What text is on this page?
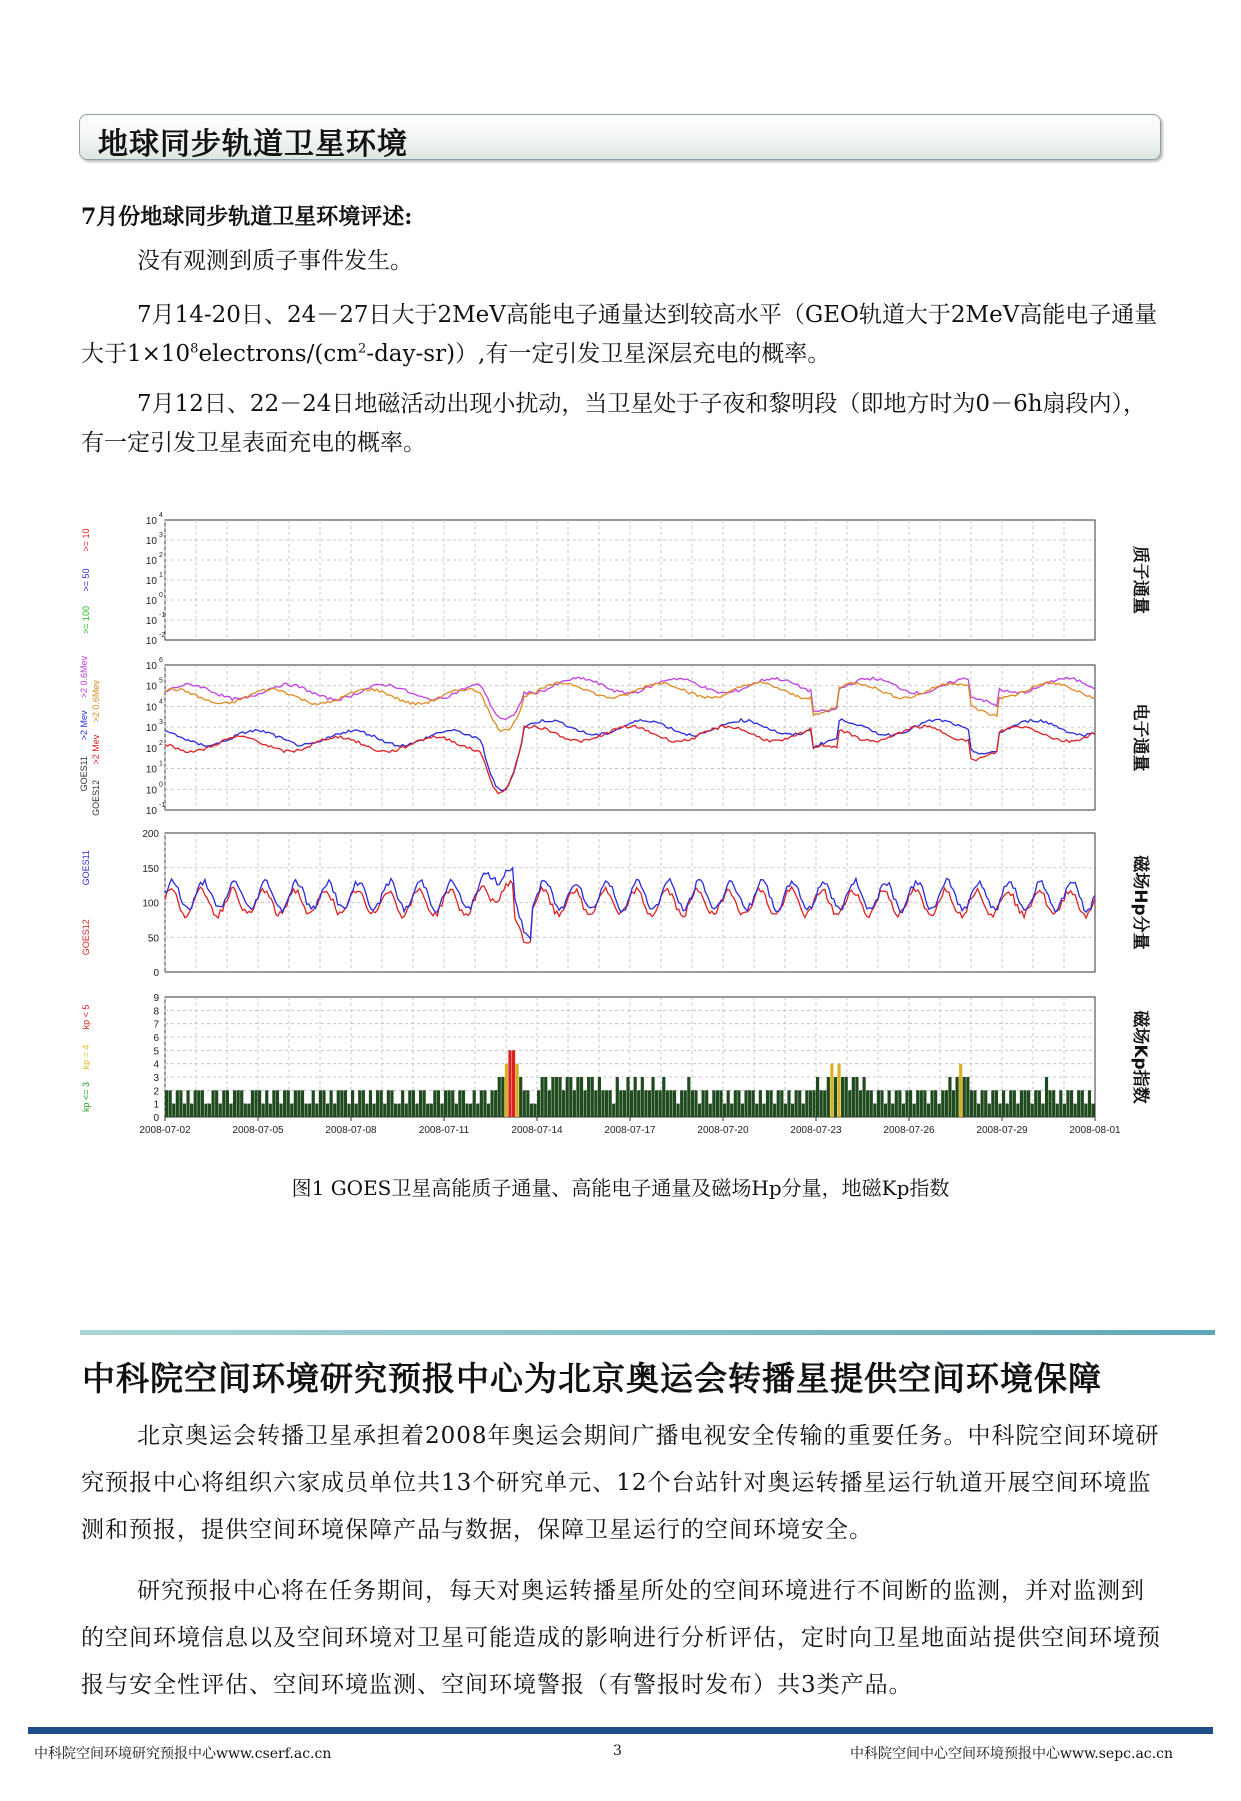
地球同步轨道卫星环境
7月份地球同步轨道卫星环境评述:

没有观测到质子事件发生。

7月14-20日、24－27日大于2MeV高能电子通量达到较高水平（GEO轨道大于2MeV高能电子通量大于$1\times 10^8electrons/(cm^2-day-sr)$）,有一定引发卫星深层充电的概率。

7月12日、22－24日地磁活动出现小扰动，当卫星处于子夜和黎明段（即地方时为0－6h扇段内），有一定引发卫星表面充电的概率。

10
4
10
3
10
2
10
1
10
0
10
-1
10
-2
10
6
10
5
10
4
10
3
10
2
10
1
10
0
10
-1
200
150
100
50
0
9
8
7
6
5
4
3
2
1
0
2008-07-02	2008-07-05	2008-07-08	2008-07-11	2008-07-14	2008-07-17	2008-07-20	2008-07-23	2008-07-26	2008-07-29	2008-08-01
质子通量
电子通量
磁场Hp分量
磁场Kp指数
>= 10
>= 50
>= 100
>2 0.6Mev
>2 0.6Mev
>2 Mev
>2 Mev
GOES11
GOES12
GOES11
GOES12
kp < 5
kp = 4
kp <= 3
图1 GOES卫星高能质子通量、高能电子通量及磁场Hp分量，地磁Kp指数
中科院空间环境研究预报中心为北京奥运会转播星提供空间环境保障

北京奥运会转播卫星承担着2008年奥运会期间广播电视安全传输的重要任务。中科院空间环境研究预报中心将组织六家成员单位共13个研究单元、12个台站针对奥运转播星运行轨道开展空间环境监测和预报，提供空间环境保障产品与数据，保障卫星运行的空间环境安全。

研究预报中心将在任务期间，每天对奥运转播星所处的空间环境进行不间断的监测，并对监测到的空间环境信息以及空间环境对卫星可能造成的影响进行分析评估，定时向卫星地面站提供空间环境预报与安全性评估、空间环境监测、空间环境警报（有警报时发布）共3类产品。

中科院空间环境研究预报中心www.cserf.ac.cn	3	中科院空间中心空间环境预报中心www.sepc.ac.cn
